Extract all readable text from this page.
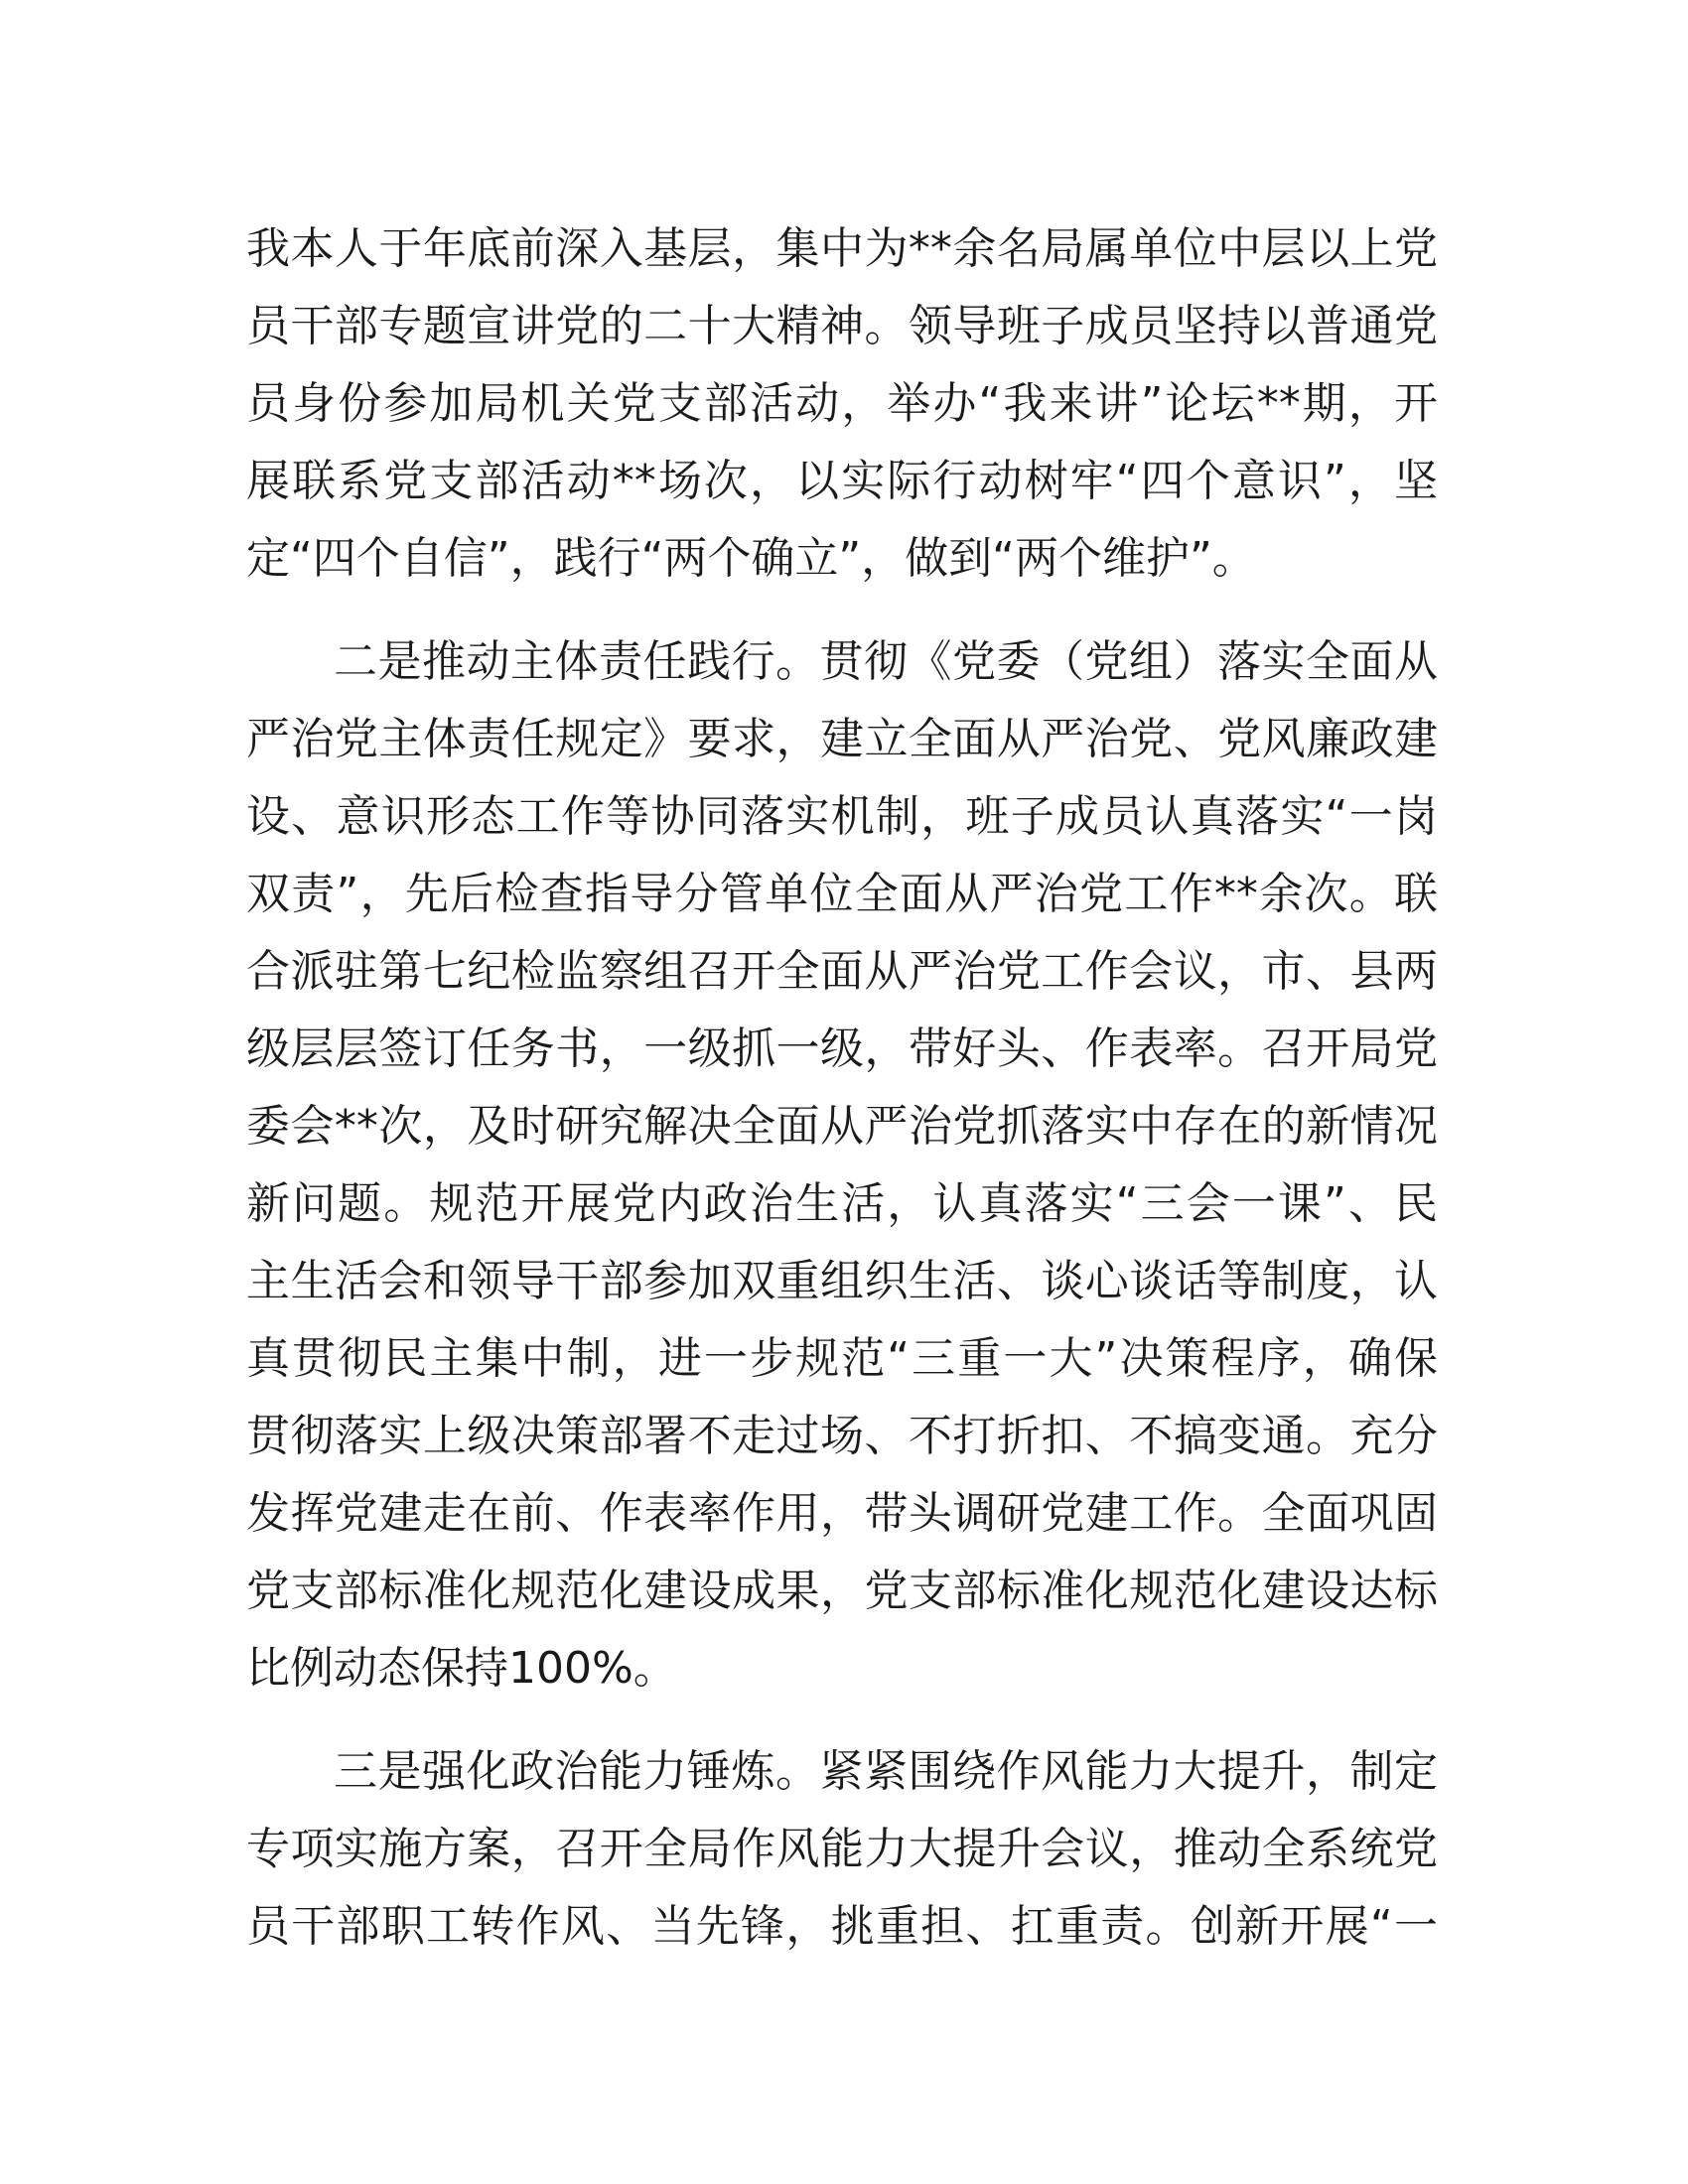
我本人于年底前深入基层，集中为**余名局属单位中层以上党
员干部专题宣讲党的二十大精神。领导班子成员坚持以普通党
员身份参加局机关党支部活动，举办“我来讲”论坛**期，开
展联系党支部活动**场次，以实际行动树牢“四个意识”，坚
定“四个自信”，践行“两个确立”，做到“两个维护”。
二是推动主体责任践行。贯彻《党委（党组）落实全面从
严治党主体责任规定》要求，建立全面从严治党、党风廉政建
设、意识形态工作等协同落实机制，班子成员认真落实“一岗
双责”，先后检查指导分管单位全面从严治党工作**余次。联
合派驻第七纪检监察组召开全面从严治党工作会议，市、县两
级层层签订任务书，一级抓一级，带好头、作表率。召开局党
委会**次，及时研究解决全面从严治党抓落实中存在的新情况
新问题。规范开展党内政治生活，认真落实“三会一课”、民
主生活会和领导干部参加双重组织生活、谈心谈话等制度，认
真贯彻民主集中制，进一步规范“三重一大”决策程序，确保
贯彻落实上级决策部署不走过场、不打折扣、不搞变通。充分
发挥党建走在前、作表率作用，带头调研党建工作。全面巩固
党支部标准化规范化建设成果，党支部标准化规范化建设达标
比例动态保持100%。
三是强化政治能力锤炼。紧紧围绕作风能力大提升，制定
专项实施方案，召开全局作风能力大提升会议，推动全系统党
员干部职工转作风、当先锋，挑重担、扛重责。创新开展“一
